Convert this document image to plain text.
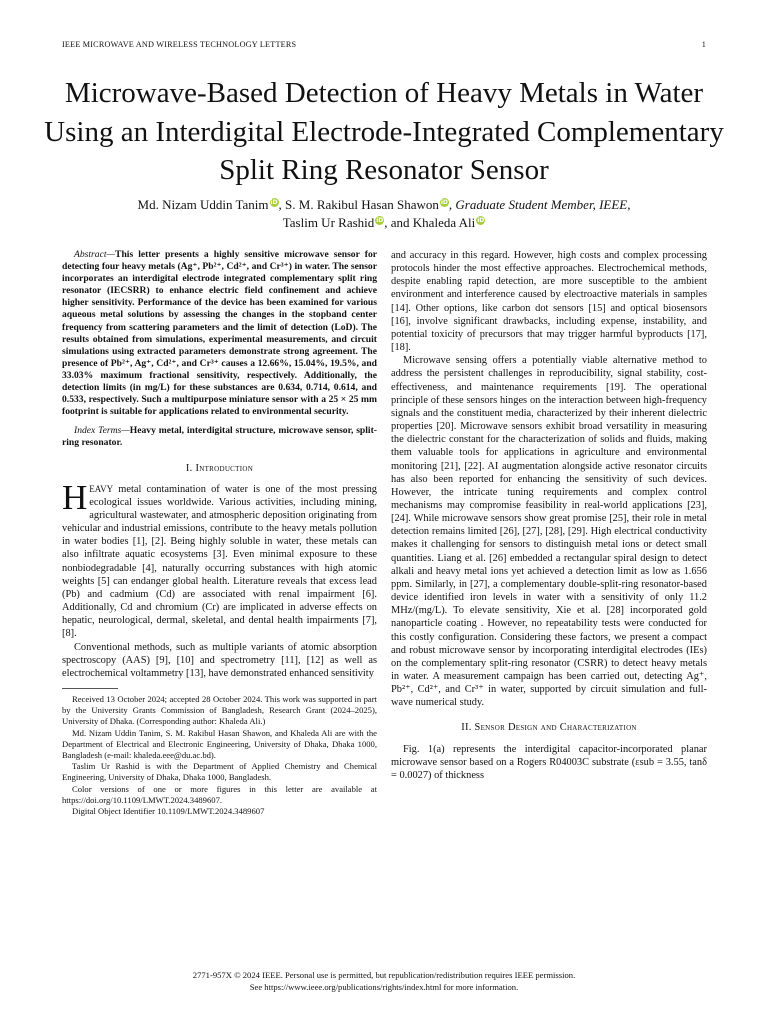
IEEE MICROWAVE AND WIRELESS TECHNOLOGY LETTERS	1
Microwave-Based Detection of Heavy Metals in Water Using an Interdigital Electrode-Integrated Complementary Split Ring Resonator Sensor
Md. Nizam Uddin Tanim iD, S. M. Rakibul Hasan Shawon iD, Graduate Student Member, IEEE,
Taslim Ur Rashid iD, and Khaleda Ali iD

Abstract—This letter presents a highly sensitive microwave sensor for detecting four heavy metals (Ag⁺, Pb²⁺, Cd²⁺, and Cr³⁺) in water. The sensor incorporates an interdigital electrode integrated complementary split ring resonator (IECSRR) to enhance electric field confinement and achieve higher sensitivity. Performance of the device has been examined for various aqueous metal solutions by assessing the changes in the stopband center frequency from scattering parameters and the limit of detection (LoD). The results obtained from simulations, experimental measurements, and circuit simulations using extracted parameters demonstrate strong agreement. The presence of Pb²⁺, Ag⁺, Cd²⁺, and Cr³⁺ causes a 12.66%, 15.04%, 19.5%, and 33.03% maximum fractional sensitivity, respectively. Additionally, the detection limits (in mg/L) for these substances are 0.634, 0.714, 0.614, and 0.533, respectively. Such a multipurpose miniature sensor with a 25 × 25 mm footprint is suitable for applications related to environmental security.

Index Terms—Heavy metal, interdigital structure, microwave sensor, split-ring resonator.

I. Introduction

HEAVY metal contamination of water is one of the most pressing ecological issues worldwide. Various activities, including mining, agricultural wastewater, and atmospheric deposition originating from vehicular and industrial emissions, contribute to the heavy metals pollution in water bodies [1], [2]. Being highly soluble in water, these metals can also infiltrate aquatic ecosystems [3]. Even minimal exposure to these nonbiodegradable [4], naturally occurring substances with high atomic weights [5] can endanger global health. Literature reveals that excess lead (Pb) and cadmium (Cd) are associated with renal impairment [6]. Additionally, Cd and chromium (Cr) are implicated in adverse effects on hepatic, neurological, dermal, skeletal, and dental health impairments [7], [8].

Conventional methods, such as multiple variants of atomic absorption spectroscopy (AAS) [9], [10] and spectrometry [11], [12] as well as electrochemical voltammetry [13], have demonstrated enhanced sensitivity

Received 13 October 2024; accepted 28 October 2024. This work was supported in part by the University Grants Commission of Bangladesh, Research Grant (2024–2025), University of Dhaka. (Corresponding author: Khaleda Ali.)

Md. Nizam Uddin Tanim, S. M. Rakibul Hasan Shawon, and Khaleda Ali are with the Department of Electrical and Electronic Engineering, University of Dhaka, Dhaka 1000, Bangladesh (e-mail: khaleda.eee@du.ac.bd).

Taslim Ur Rashid is with the Department of Applied Chemistry and Chemical Engineering, University of Dhaka, Dhaka 1000, Bangladesh.

Color versions of one or more figures in this letter are available at https://doi.org/10.1109/LMWT.2024.3489607.

Digital Object Identifier 10.1109/LMWT.2024.3489607

and accuracy in this regard. However, high costs and complex processing protocols hinder the most effective approaches. Electrochemical methods, despite enabling rapid detection, are more susceptible to the ambient environment and interference caused by electroactive materials in samples [14]. Other options, like carbon dot sensors [15] and optical biosensors [16], involve significant drawbacks, including expense, instability, and potential toxicity of precursors that may trigger harmful byproducts [17], [18].

Microwave sensing offers a potentially viable alternative method to address the persistent challenges in reproducibility, signal stability, cost-effectiveness, and maintenance requirements [19]. The operational principle of these sensors hinges on the interaction between high-frequency signals and the constituent media, characterized by their inherent dielectric properties [20]. Microwave sensors exhibit broad versatility in measuring the dielectric constant for the characterization of solids and fluids, making them valuable tools for applications in agriculture and environmental monitoring [21], [22]. AI augmentation alongside active resonator circuits has also been reported for enhancing the sensitivity of such devices. However, the intricate tuning requirements and complex control mechanisms may compromise feasibility in real-world applications [23], [24]. While microwave sensors show great promise [25], their role in metal detection remains limited [26], [27], [28], [29]. High electrical conductivity makes it challenging for sensors to distinguish metal ions or detect small quantities. Liang et al. [26] embedded a rectangular spiral design to detect alkali and heavy metal ions yet achieved a detection limit as low as 1.656 ppm. Similarly, in [27], a complementary double-split-ring resonator-based device identified iron levels in water with a sensitivity of only 11.2 MHz/(mg/L). To elevate sensitivity, Xie et al. [28] incorporated gold nanoparticle coating . However, no repeatability tests were conducted for this costly configuration. Considering these factors, we present a compact and robust microwave sensor by incorporating interdigital electrodes (IEs) on the complementary split-ring resonator (CSRR) to detect heavy metals in water. A measurement campaign has been carried out, detecting Ag⁺, Pb²⁺, Cd²⁺, and Cr³⁺ in water, supported by circuit simulation and full-wave numerical study.

II. Sensor Design and Characterization

Fig. 1(a) represents the interdigital capacitor-incorporated planar microwave sensor based on a Rogers R04003C substrate (εsub = 3.55, tanδ = 0.0027) of thickness

2771-957X © 2024 IEEE. Personal use is permitted, but republication/redistribution requires IEEE permission.
See https://www.ieee.org/publications/rights/index.html for more information.
